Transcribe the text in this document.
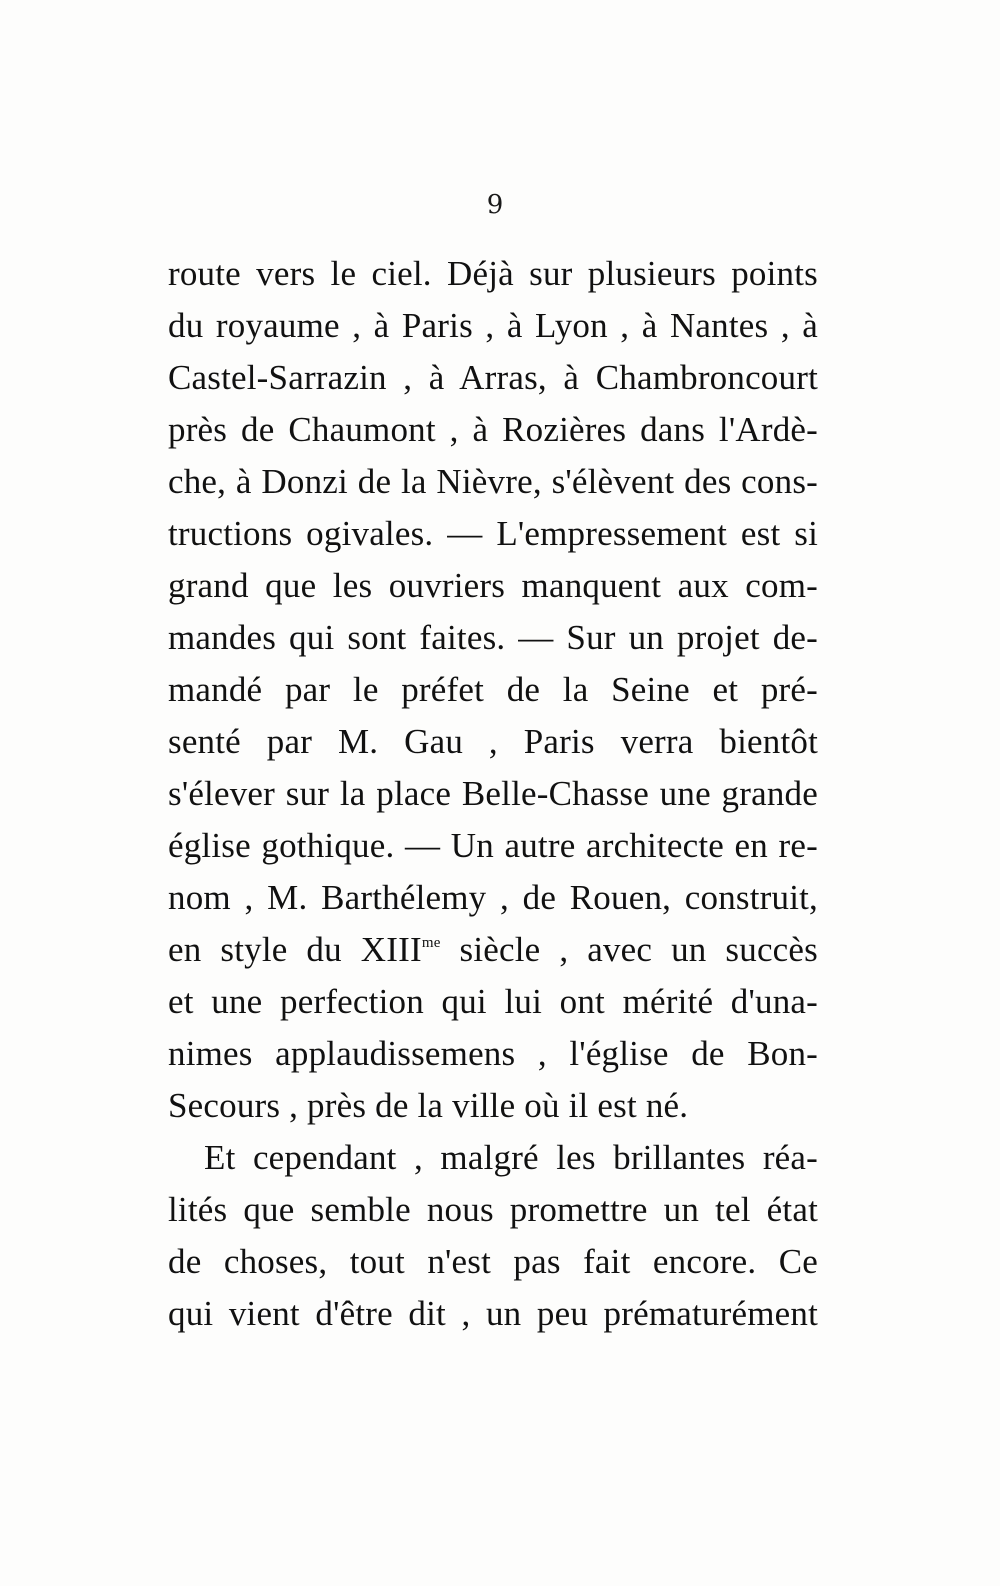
9
route vers le ciel. Déjà sur plusieurs points
du royaume , à Paris , à Lyon , à Nantes , à
Castel-Sarrazin , à Arras, à Chambroncourt
près de Chaumont , à Rozières dans l'Ardè-
che, à Donzi de la Nièvre, s'élèvent des cons-
tructions ogivales. — L'empressement est si
grand que les ouvriers manquent aux com-
mandes qui sont faites. — Sur un projet de-
mandé par le préfet de la Seine et pré-
senté par M. Gau , Paris verra bientôt
s'élever sur la place Belle-Chasse une grande
église gothique. — Un autre architecte en re-
nom , M. Barthélemy , de Rouen, construit,
en style du $XIII^{me}$ siècle , avec un succès
et une perfection qui lui ont mérité d'una-
nimes applaudissemens , l'église de Bon-
Secours , près de la ville où il est né.
Et cependant , malgré les brillantes réa-
lités que semble nous promettre un tel état
de choses, tout n'est pas fait encore. Ce
qui vient d'être dit , un peu prématurément
